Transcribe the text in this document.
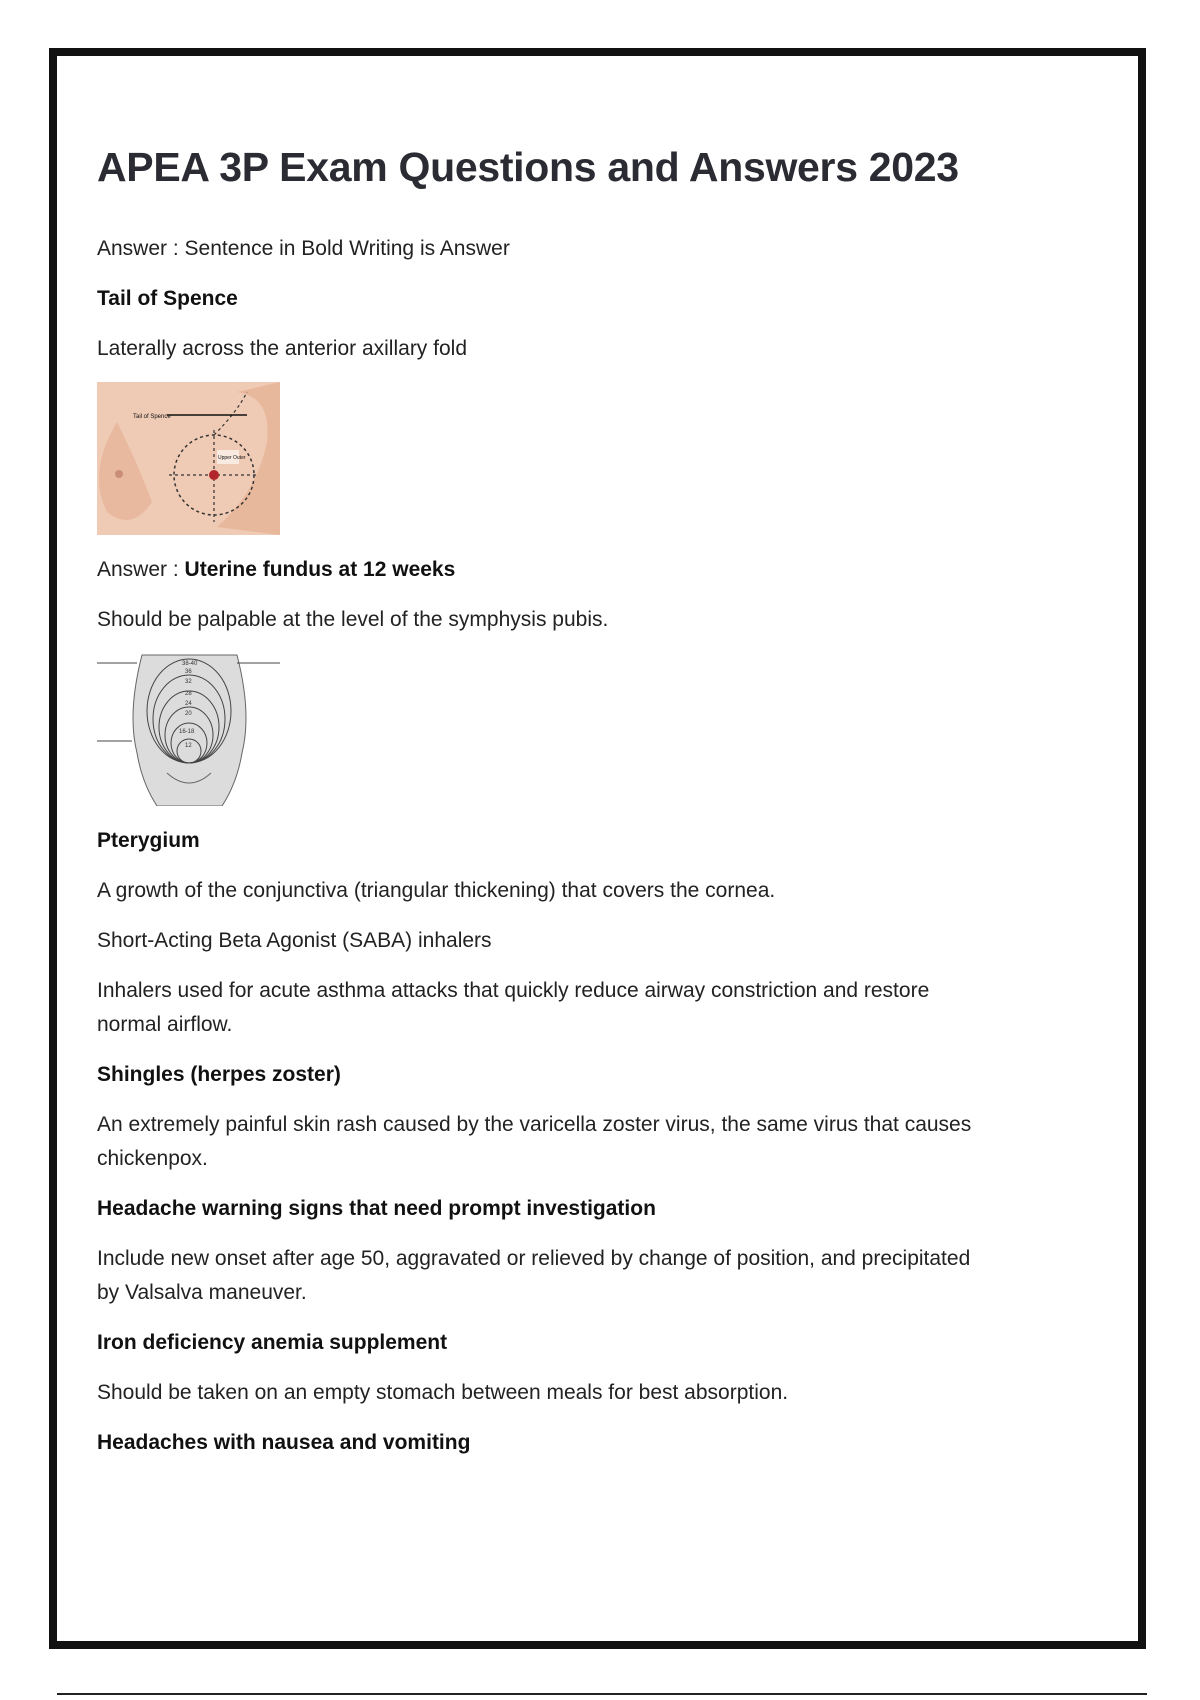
APEA 3P Exam Questions and Answers 2023

Answer : Sentence in Bold Writing is Answer

Tail of Spence

Laterally across the anterior axillary fold

Tail of Spence
Upper Outer

Answer : Uterine fundus at 12 weeks

Should be palpable at the level of the symphysis pubis.

38-40
36
32
28
24
20
16-18
12

Pterygium

A growth of the conjunctiva (triangular thickening) that covers the cornea.

Short-Acting Beta Agonist (SABA) inhalers

Inhalers used for acute asthma attacks that quickly reduce airway constriction and restore normal airflow.

Shingles (herpes zoster)

An extremely painful skin rash caused by the varicella zoster virus, the same virus that causes chickenpox.

Headache warning signs that need prompt investigation

Include new onset after age 50, aggravated or relieved by change of position, and precipitated by Valsalva maneuver.

Iron deficiency anemia supplement

Should be taken on an empty stomach between meals for best absorption.

Headaches with nausea and vomiting
